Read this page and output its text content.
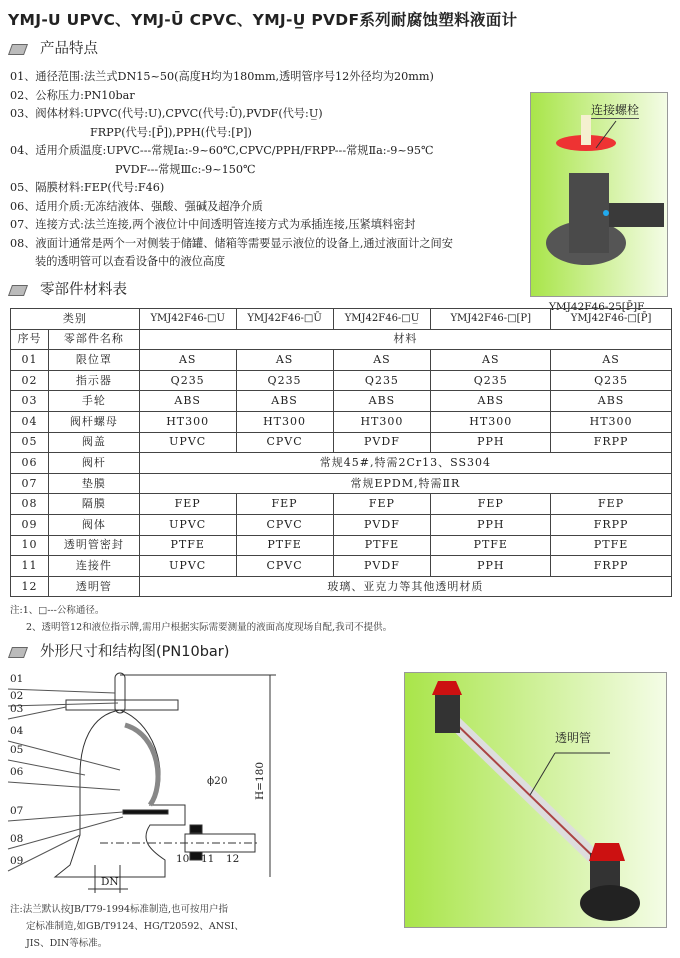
YMJ-U UPVC、YMJ-Ū CPVC、YMJ-U̲ PVDF系列耐腐蚀塑料液面计
产品特点
01、通径范围:法兰式DN15~50(高度H均为180mm,透明管序号12外径均为20mm)
02、公称压力:PN10bar
03、阀体材料:UPVC(代号:U),CPVC(代号:Ū),PVDF(代号:U̲)
FRPP(代号:[P̄]),PPH(代号:[P])
04、适用介质温度:UPVC---常规Ia:-9~60℃,CPVC/PPH/FRPP---常规Ⅱa:-9~95℃
PVDF---常规Ⅲc:-9~150℃
05、隔膜材料:FEP(代号:F46)
06、适用介质:无冻结液体、强酸、强碱及超净介质
07、连接方式:法兰连接,两个液位计中间透明管连接方式为承插连接,压紧填料密封
08、液面计通常是两个一对侧装于储罐、储箱等需要显示液位的设备上,通过液面计之间安
装的透明管可以查看设备中的液位高度
连接螺栓
YMJ42F46-25[P̄]F
零部件材料表
类别		YMJ42F46-□U	YMJ42F46-□Ū	YMJ42F46-□U̲	YMJ42F46-□[P]	YMJ42F46-□[P̄]
序号	零部件名称	材料				
01	限位罩	AS	AS	AS	AS	AS
02	指示器	Q235	Q235	Q235	Q235	Q235
03	手轮	ABS	ABS	ABS	ABS	ABS
04	阀杆螺母	HT300	HT300	HT300	HT300	HT300
05	阀盖	UPVC	CPVC	PVDF	PPH	FRPP
06	阀杆	常规45#,特需2Cr13、SS304				
07	垫膜	常规EPDM,特需ⅡR				
08	隔膜	FEP	FEP	FEP	FEP	FEP
09	阀体	UPVC	CPVC	PVDF	PPH	FRPP
10	透明管密封	PTFE	PTFE	PTFE	PTFE	PTFE
11	连接件	UPVC	CPVC	PVDF	PPH	FRPP
12	透明管	玻璃、亚克力等其他透明材质				
注:1、□---公称通径。
2、透明管12和液位指示牌,需用户根据实际需要测量的液面高度现场自配,我司不提供。
外形尺寸和结构图(PN10bar)
01
02
03
04
05
06
07
08
09	10 11 12
ϕ20	H=180
DN
注:法兰默认按JB/T79-1994标准制造,也可按用户指
定标准制造,如GB/T9124、HG/T20592、ANSI、
JIS、DIN等标准。
透明管
